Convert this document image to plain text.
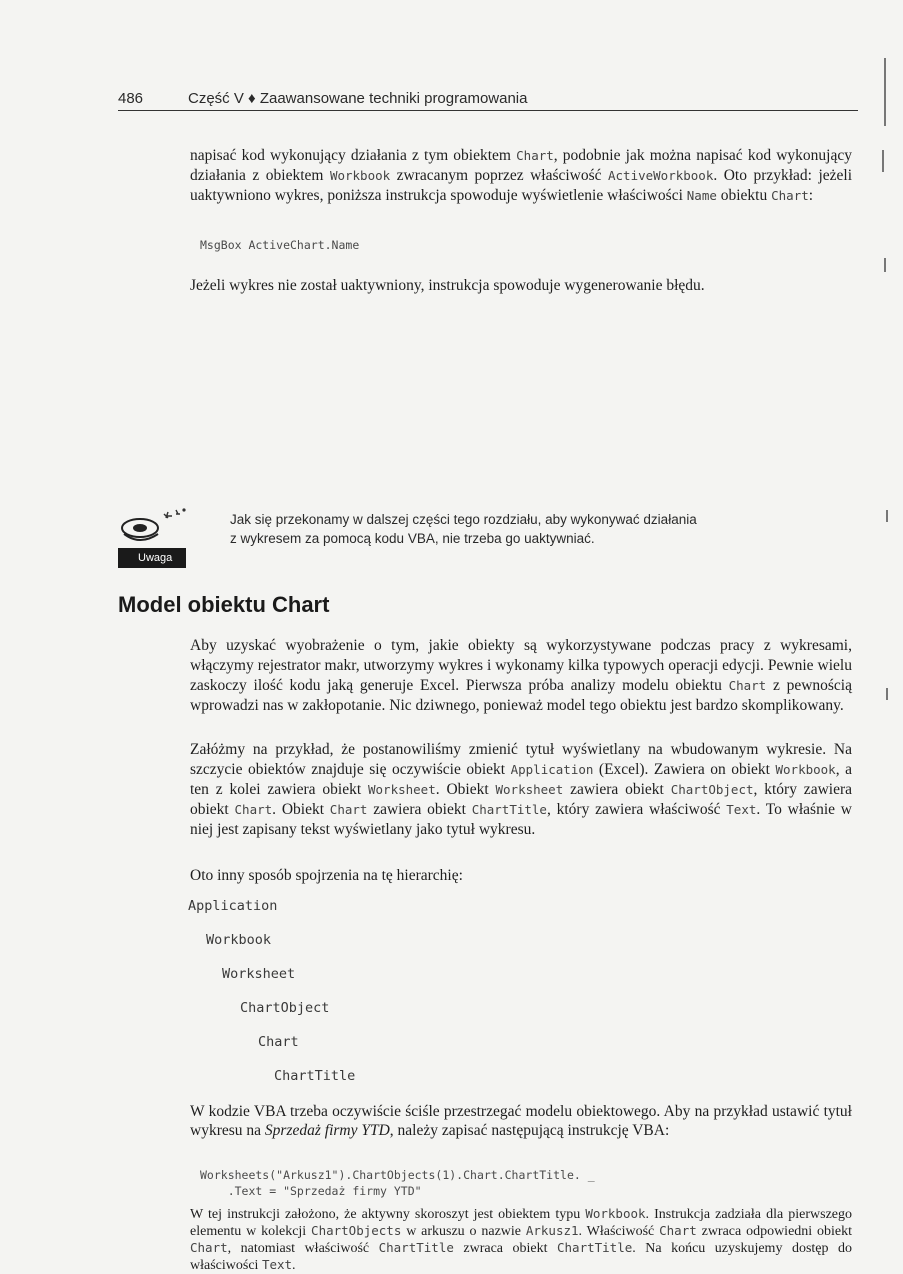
486	Część V ♦ Zaawansowane techniki programowania

napisać kod wykonujący działania z tym obiektem Chart, podobnie jak można napisać kod wykonujący działania z obiektem Workbook zwracanym poprzez właściwość ActiveWorkbook. Oto przykład: jeżeli uaktywniono wykres, poniższa instrukcja spowoduje wyświetlenie właściwości Name obiektu Chart:

MsgBox ActiveChart.Name

Jeżeli wykres nie został uaktywniony, instrukcja spowoduje wygenerowanie błędu.

Uwaga
Jak się przekonamy w dalszej części tego rozdziału, aby wykonywać działania
z wykresem za pomocą kodu VBA, nie trzeba go uaktywniać.
Model obiektu Chart

Aby uzyskać wyobrażenie o tym, jakie obiekty są wykorzystywane podczas pracy z wykresami, włączymy rejestrator makr, utworzymy wykres i wykonamy kilka typowych operacji edycji. Pewnie wielu zaskoczy ilość kodu jaką generuje Excel. Pierwsza próba analizy modelu obiektu Chart z pewnością wprowadzi nas w zakłopotanie. Nic dziwnego, ponieważ model tego obiektu jest bardzo skomplikowany.

Załóżmy na przykład, że postanowiliśmy zmienić tytuł wyświetlany na wbudowanym wykresie. Na szczycie obiektów znajduje się oczywiście obiekt Application (Excel). Zawiera on obiekt Workbook, a ten z kolei zawiera obiekt Worksheet. Obiekt Worksheet zawiera obiekt ChartObject, który zawiera obiekt Chart. Obiekt Chart zawiera obiekt ChartTitle, który zawiera właściwość Text. To właśnie w niej jest zapisany tekst wyświetlany jako tytuł wykresu.

Oto inny sposób spojrzenia na tę hierarchię:

Application

Workbook

Worksheet

ChartObject

Chart

ChartTitle

W kodzie VBA trzeba oczywiście ściśle przestrzegać modelu obiektowego. Aby na przykład ustawić tytuł wykresu na Sprzedaż firmy YTD, należy zapisać następującą instrukcję VBA:

Worksheets("Arkusz1").ChartObjects(1).Chart.ChartTitle. _

.Text = "Sprzedaż firmy YTD"

W tej instrukcji założono, że aktywny skoroszyt jest obiektem typu Workbook. Instrukcja zadziała dla pierwszego elementu w kolekcji ChartObjects w arkuszu o nazwie Arkusz1. Właściwość Chart zwraca odpowiedni obiekt Chart, natomiast właściwość ChartTitle zwraca obiekt ChartTitle. Na końcu uzyskujemy dostęp do właściwości Text.
